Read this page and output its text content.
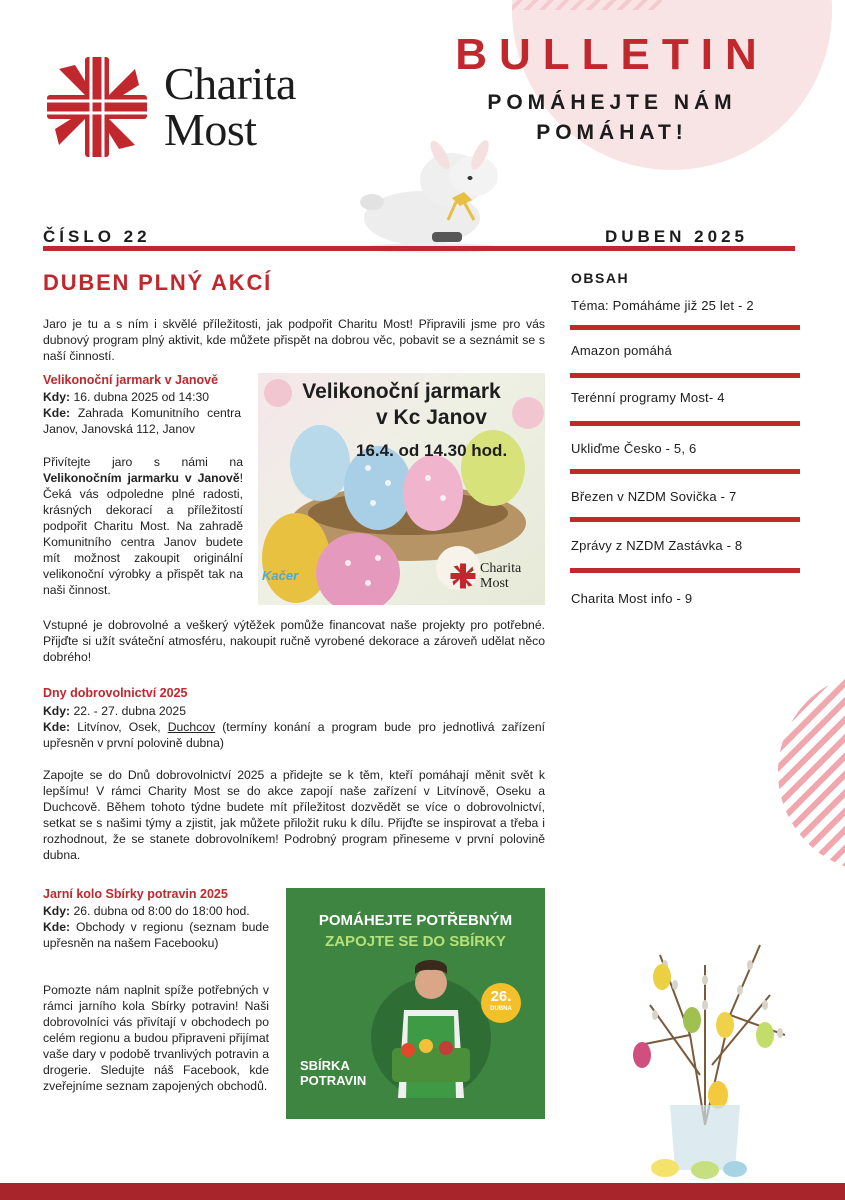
Charita
Most
BULLETIN
POMÁHEJTE NÁM
POMÁHAT!
ČÍSLO 22	DUBEN 2025
DUBEN PLNÝ AKCÍ

Jaro je tu a s ním i skvělé příležitosti, jak podpořit Charitu Most! Připravili jsme pro vás dubnový program plný aktivit, kde můžete přispět na dobrou věc, pobavit se a seznámit se s naší činností.

Velikonoční jarmark v Janově

Kdy: 16. dubna 2025 od 14:30

Kde: Zahrada Komunitního centra Janov, Janovská 112, Janov

Přivítejte jaro s námi na Velikonočním jarmarku v Janově! Čeká vás odpoledne plné radosti, krásných dekorací a příležitostí podpořit Charitu Most. Na zahradě Komunitního centra Janov budete mít možnost zakoupit originální velikonoční výrobky a přispět tak na naši činnost.

Vstupné je dobrovolné a veškerý výtěžek pomůže financovat naše projekty pro potřebné. Přijďte si užít sváteční atmosféru, nakoupit ručně vyrobené dekorace a zároveň udělat něco dobrého!

Velikonoční jarmark
v Kc Janov
16.4. od 14.30 hod.
Kačer	Charita
Most
Dny dobrovolnictví 2025

Kdy: 22. - 27. dubna 2025

Kde: Litvínov, Osek, Duchcov (termíny konání a program bude pro jednotlivá zařízení upřesněn v první polovině dubna)

Zapojte se do Dnů dobrovolnictví 2025 a přidejte se k těm, kteří pomáhají měnit svět k lepšímu! V rámci Charity Most se do akce zapojí naše zařízení v Litvínově, Oseku a Duchcově. Během tohoto týdne budete mít příležitost dozvědět se více o dobrovolnictví, setkat se s našimi týmy a zjistit, jak můžete přiložit ruku k dílu. Přijďte se inspirovat a třeba i rozhodnout, že se stanete dobrovolníkem! Podrobný program přineseme v první polovině dubna.

Jarní kolo Sbírky potravin 2025

Kdy: 26. dubna od 8:00 do 18:00 hod.

Kde: Obchody v regionu (seznam bude upřesněn na našem Facebooku)

Pomozte nám naplnit spíže potřebných v rámci jarního kola Sbírky potravin! Naši dobrovolníci vás přivítají v obchodech po celém regionu a budou připraveni přijímat vaše dary v podobě trvanlivých potravin a drogerie. Sledujte náš Facebook, kde zveřejníme seznam zapojených obchodů.

POMÁHEJTE POTŘEBNÝM
ZAPOJTE SE DO SBÍRKY
26.
DUBNA
SBÍRKA
POTRAVIN
OBSAH
Téma: Pomáháme již 25 let - 2
Amazon pomáhá
Terénní programy Most- 4
Ukliďme Česko - 5, 6
Březen v NZDM Sovička - 7
Zprávy z NZDM Zastávka - 8
Charita Most info - 9
